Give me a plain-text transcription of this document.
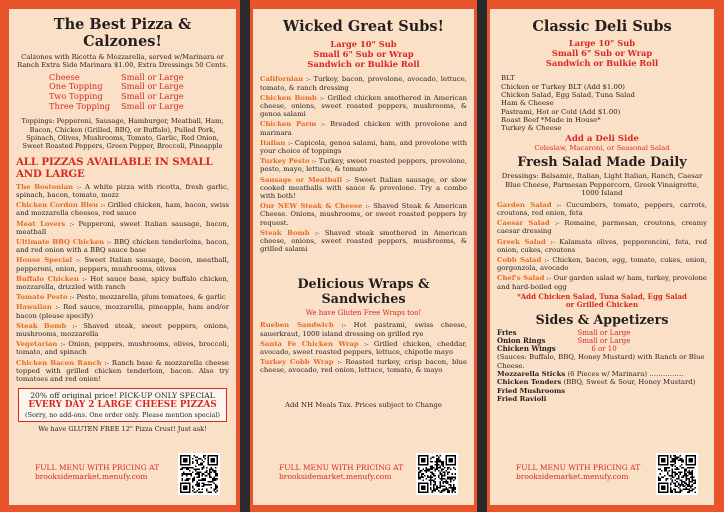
The Best Pizza & Calzones!

Calzones with Ricotta & Mozzarella, served w/Marinara or Ranch Extra Side Marinara $1.00, Extra Dressings 50 Cents.

Cheese	Small or Large
One Topping	Small or Large
Two Topping	Small or Large
Three Topping	Small or Large

Toppings: Pepperoni, Sausage, Hamburger, Meatball, Ham, Bacon, Chicken (Grilled, BBQ, or Buffalo), Pulled Pork, Spinach, Olives, Mushrooms, Tomato, Garlic, Red Onion, Sweet Roasted Peppers, Green Pepper, Broccoli, Pineapple

ALL PIZZAS AVAILABLE IN SMALL AND LARGE
The Bostonian :- A white pizza with ricotta, fresh garlic, spinach, bacon, tomato, mozz
Chicken Cordon Bleu :- Grilled chicken, ham, bacon, swiss and mozzarella cheeses, red sauce
Meat Lovers :- Pepperoni, sweet Italian sausage, bacon, meatball
Ultimate BBQ Chicken :- BBQ chicken tenderloins, bacon, and red onion with a BBQ sauce base
House Special :- Sweet Italian sausage, bacon, meatball, pepperoni, onion, peppers, mushrooms, olives
Buffalo Chicken :- Hot sauce base, spicy buffalo chicken, mozzarella, drizzled with ranch
Tomato Pesto :- Pesto, mozzarella, plum tomatoes, & garlic
Hawaiian :- Red sauce, mozzarella, pineapple, ham and/or bacon (please specify)
Steak Bomb :- Shaved steak, sweet peppers, onions, mushrooms, mozzarella
Vegetarian :- Onion, peppers, mushrooms, olives, broccoli, tomato, and spinach
Chicken Bacon Ranch :- Ranch base & mozzarella cheese topped with grilled chicken tenderloin, bacon. Also try tomatoes and red onion!
20% off original price! PICK-UP ONLY SPECIAL
EVERY DAY 2 LARGE CHEESE PIZZAS
(Sorry, no add-ons. One order only. Please mention special)

We have GLUTEN FREE 12" Pizza Crust! Just ask!

FULL MENU WITH PRICING AT
brooksidemarket.menufy.com
Wicked Great Subs!
Large 10" Sub
Small 6" Sub or Wrap
Sandwich or Bulkie Roll
Californian :- Turkey, bacon, provolone, avocado, lettuce, tomato, & ranch dressing
Chicken Bomb :- Grilled chicken smothered in American cheese, onions, sweet roasted peppers, mushrooms, & genoa salami
Chicken Parm :- Breaded chicken with provolone and marinara
Italian :- Capicola, genoa salami, ham, and provolone with your choice of toppings
Turkey Pesto :- Turkey, sweet roasted peppers, provolone, pesto, mayo, lettuce, & tomato
Sausage or Meatball :- Sweet Italian sausage, or slow cooked meatballs with sauce & provolone. Try a combo with both!
Our NEW Steak & Cheese :- Shaved Steak & American Cheese. Onions, mushrooms, or sweet roasted peppers by request.
Steak Bomb :- Shaved steak smothered in American cheese, onions, sweet roasted peppers, mushrooms, & grilled salami
Delicious Wraps & Sandwiches
We have Gluten Free Wraps too!
Rueben Sandwich :- Hot pastrami, swiss cheese, sauerkraut, 1000 island dressing on grilled rye
Santa Fe Chicken Wrap :- Grilled chicken, cheddar, avocado, sweet roasted peppers, lettuce, chipotle mayo
Turkey Cobb Wrap :- Roasted turkey, crisp bacon, blue cheese, avocado, red onion, lettuce, tomato, & mayo

Add NH Meals Tax. Prices subject to Change

FULL MENU WITH PRICING AT
brooksidemarket.menufy.com
Classic Deli Subs
Large 10" Sub
Small 6" Sub or Wrap
Sandwich or Bulkie Roll
BLT
Chicken or Turkey BLT (Add $1.00)
Chicken Salad, Egg Salad, Tuna Salad
Ham & Cheese
Pastrami, Hot or Cold (Add $1.00)
Roast Beef *Made in House*
Turkey & Cheese
Add a Deli Side
Coleslaw, Macaroni, or Seasonal Salad
Fresh Salad Made Daily

Dressings: Balsamic, Italian, Light Italian, Ranch, Caesar Blue Cheese, Parmesan Peppercorn, Greek Vinaigrette, 1000 Island

Garden Salad :- Cucumbers, tomato, peppers, carrots, croutons, red onion, feta
Caesar Salad :- Romaine, parmesan, croutons, creamy caesar dressing
Greek Salad :- Kalamata olives, pepperoncini, feta, red onion, cukes, croutons
Cobb Salad :- Chicken, bacon, egg, tomato, cukes, onion, gorgonzola, avocado
Chef's Salad :- Our garden salad w/ ham, turkey, provolone and hard-boiled egg
*Add Chicken Salad, Tuna Salad, Egg Salad or Grilled Chicken
Sides & Appetizers
Fries	Small or Large
Onion Rings	Small or Large
Chicken Wings	6 or 10
(Sauces: Buffalo, BBQ, Honey Mustard) with Ranch or Blue Cheese.
Mozzarella Sticks (6 Pieces w/ Marinara) ……………
Chicken Tenders (BBQ, Sweet & Sour, Honey Mustard)
Fried Mushrooms
Fried Ravioli
FULL MENU WITH PRICING AT
brooksidemarket.menufy.com
